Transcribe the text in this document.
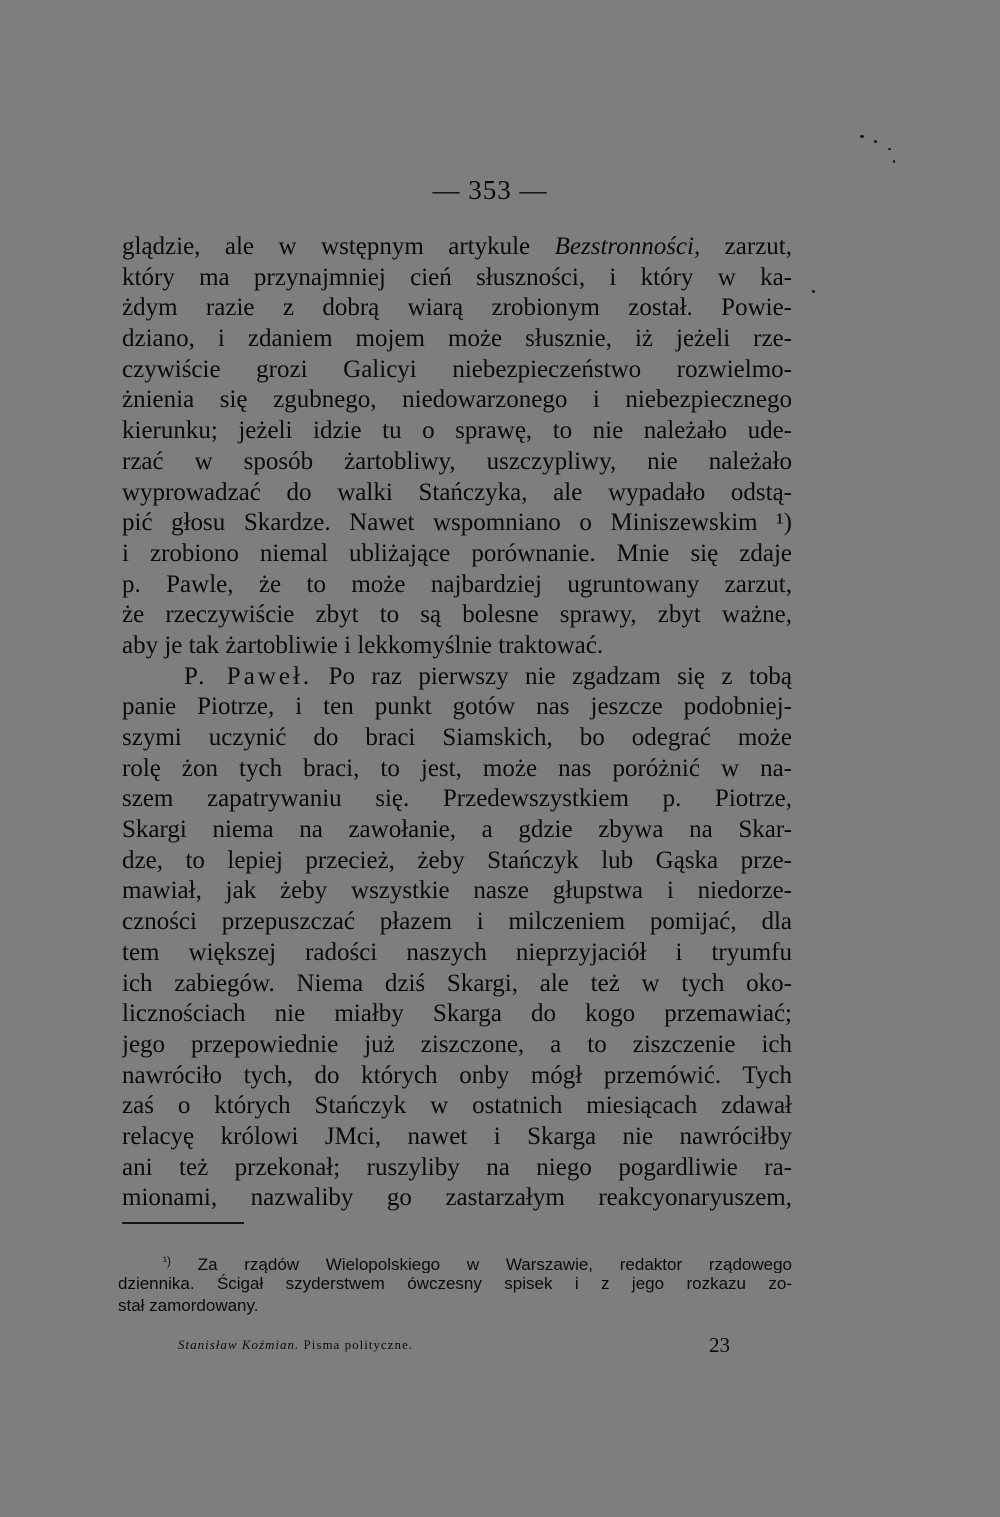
— 353 —
glądzie, ale w wstępnym artykule Bezstronności, zarzut,
który ma przynajmniej cień słuszności, i który w ka-
żdym razie z dobrą wiarą zrobionym został. Powie-
dziano, i zdaniem mojem może słusznie, iż jeżeli rze-
czywiście grozi Galicyi niebezpieczeństwo rozwielmo-
żnienia się zgubnego, niedowarzonego i niebezpiecznego
kierunku; jeżeli idzie tu o sprawę, to nie należało ude-
rzać w sposób żartobliwy, uszczypliwy, nie należało
wyprowadzać do walki Stańczyka, ale wypadało odstą-
pić głosu Skardze. Nawet wspomniano o Miniszewskim ¹)
i zrobiono niemal ubliżające porównanie. Mnie się zdaje
p. Pawle, że to może najbardziej ugruntowany zarzut,
że rzeczywiście zbyt to są bolesne sprawy, zbyt ważne,
aby je tak żartobliwie i lekkomyślnie traktować.
P. Paweł. Po raz pierwszy nie zgadzam się z tobą
panie Piotrze, i ten punkt gotów nas jeszcze podobniej-
szymi uczynić do braci Siamskich, bo odegrać może
rolę żon tych braci, to jest, może nas poróżnić w na-
szem zapatrywaniu się. Przedewszystkiem p. Piotrze,
Skargi niema na zawołanie, a gdzie zbywa na Skar-
dze, to lepiej przecież, żeby Stańczyk lub Gąska prze-
mawiał, jak żeby wszystkie nasze głupstwa i niedorze-
czności przepuszczać płazem i milczeniem pomijać, dla
tem większej radości naszych nieprzyjaciół i tryumfu
ich zabiegów. Niema dziś Skargi, ale też w tych oko-
licznościach nie miałby Skarga do kogo przemawiać;
jego przepowiednie już ziszczone, a to ziszczenie ich
nawróciło tych, do których onby mógł przemówić. Tych
zaś o których Stańczyk w ostatnich miesiącach zdawał
relacyę królowi JMci, nawet i Skarga nie nawróciłby
ani też przekonał; ruszyliby na niego pogardliwie ra-
mionami, nazwaliby go zastarzałym reakcyonaryuszem,
$^{^1)}$ Za rządów Wielopolskiego w Warszawie, redaktor rządowego
dziennika. Ścigał szyderstwem ówczesny spisek i z jego rozkazu zo-
stał zamordowany.
Stanisław Koźmian. Pisma polityczne.	23
